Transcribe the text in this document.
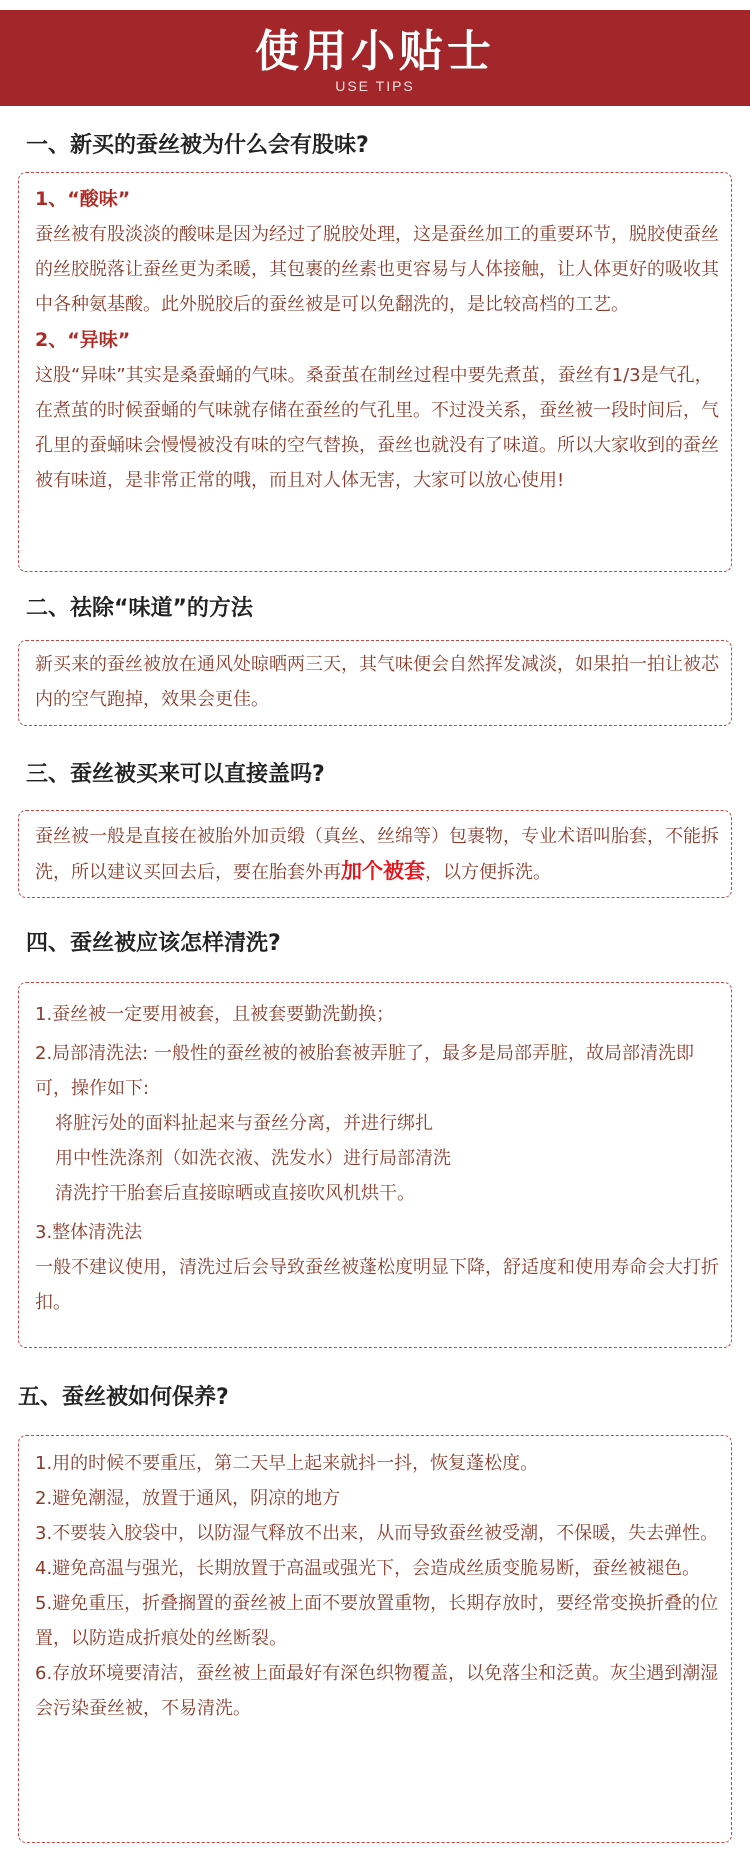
使用小贴士
USE TIPS
一、新买的蚕丝被为什么会有股味?
1、“酸味”
蚕丝被有股淡淡的酸味是因为经过了脱胶处理，这是蚕丝加工的重要环节，脱胶使蚕丝的丝胶脱落让蚕丝更为柔暖，其包裹的丝素也更容易与人体接触，让人体更好的吸收其中各种氨基酸。此外脱胶后的蚕丝被是可以免翻洗的，是比较高档的工艺。
2、“异味”
这股“异味”其实是桑蚕蛹的气味。桑蚕茧在制丝过程中要先煮茧，蚕丝有1/3是气孔，在煮茧的时候蚕蛹的气味就存储在蚕丝的气孔里。不过没关系，蚕丝被一段时间后，气孔里的蚕蛹味会慢慢被没有味的空气替换，蚕丝也就没有了味道。所以大家收到的蚕丝被有味道，是非常正常的哦，而且对人体无害，大家可以放心使用!
二、祛除“味道”的方法
新买来的蚕丝被放在通风处晾晒两三天，其气味便会自然挥发减淡，如果拍一拍让被芯内的空气跑掉，效果会更佳。
三、蚕丝被买来可以直接盖吗?
蚕丝被一般是直接在被胎外加贡缎（真丝、丝绵等）包裹物，专业术语叫胎套，不能拆洗，所以建议买回去后，要在胎套外再加个被套，以方便拆洗。
四、蚕丝被应该怎样清洗?
1.蚕丝被一定要用被套，且被套要勤洗勤换；
2.局部清洗法: 一般性的蚕丝被的被胎套被弄脏了，最多是局部弄脏，故局部清洗即可，操作如下:
将脏污处的面料扯起来与蚕丝分离，并进行绑扎
用中性洗涤剂（如洗衣液、洗发水）进行局部清洗
清洗拧干胎套后直接晾晒或直接吹风机烘干。
3.整体清洗法
一般不建议使用，清洗过后会导致蚕丝被蓬松度明显下降，舒适度和使用寿命会大打折扣。
五、蚕丝被如何保养?
1.用的时候不要重压，第二天早上起来就抖一抖，恢复蓬松度。
2.避免潮湿，放置于通风，阴凉的地方
3.不要装入胶袋中，以防湿气释放不出来，从而导致蚕丝被受潮，不保暖，失去弹性。
4.避免高温与强光，长期放置于高温或强光下，会造成丝质变脆易断，蚕丝被褪色。
5.避免重压，折叠搁置的蚕丝被上面不要放置重物，长期存放时，要经常变换折叠的位置，以防造成折痕处的丝断裂。
6.存放环境要清洁，蚕丝被上面最好有深色织物覆盖，以免落尘和泛黄。灰尘遇到潮湿会污染蚕丝被，不易清洗。
